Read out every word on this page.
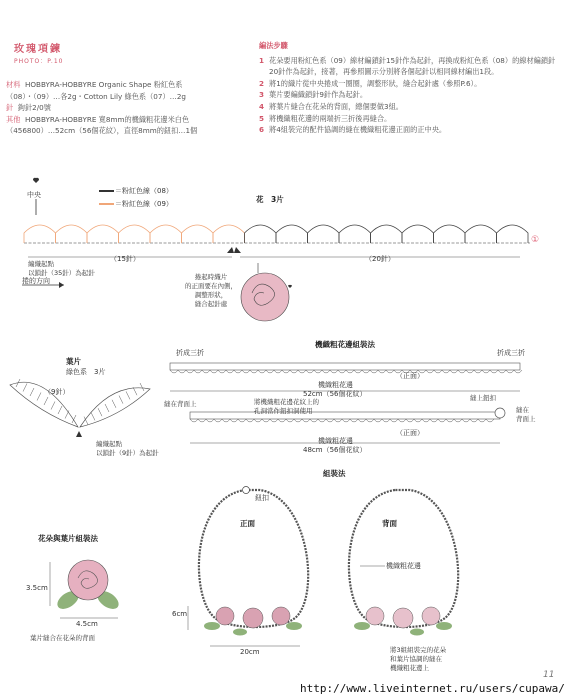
玫瑰項鍊
PHOTO：P.10
材料 HOBBYRA-HOBBYRE Organic Shape 粉紅色系
（08）・（09）…各2g・Cotton Lily 綠色系（07）…2g
針 鉤針2/0號
其他 HOBBYRA-HOBBYRE 寬8mm的機織粗花邊米白色
（456800）…52cm（56個花紋），直徑8mm的鈕扣…1個
編法步驟
1 花朵要用粉紅色系（09）線材編鎖針15針作為起針，再換成粉紅色系（08）的線材編鎖針20針作為起針，接著，再參照圖示分別將各個起針以相同線材編出1段。
2 將1的織片從中央捲成一圈圈，調整形狀，縫合起針處（參照P.6）。
3 葉片要編織鎖針9針作為起針。
4 將葉片縫合在花朵的背面，總個要做3組。
5 將機織粗花邊的兩端折三折後再縫合。
6 將4組裝完的配件協調的縫在機織粗花邊正面的正中央。
中央	＝粉紅色線（08）
＝粉紅色線（09）	花　3片
①
（15針）	（20針）
編織起點
以鎖針（35針）為起針
捲的方向	捲起時織片
的正面要在內側，
調整形狀，
縫合起針處
葉片
綠色系　3片
（9針）
編織起點
以鎖針（9針）為起針
機織粗花邊組裝法
折成三折	折成三折
（正面）
機織粗花邊
52cm（56個花紋）
將機織粗花邊花紋上的
孔洞當作鈕扣洞使用
縫在背面上
縫上鈕扣
縫在
背面上
（正面）
機織粗花邊
48cm（56個花紋）
組裝法
鈕扣
正面	背面
機織粗花邊
6cm
20cm	將3組組裝完的花朵
和葉片協調的縫在
機織粗花邊上
花朵與葉片組裝法
3.5cm
4.5cm
葉片縫合在花朵的背面
11
http://www.liveinternet.ru/users/cupawa/
